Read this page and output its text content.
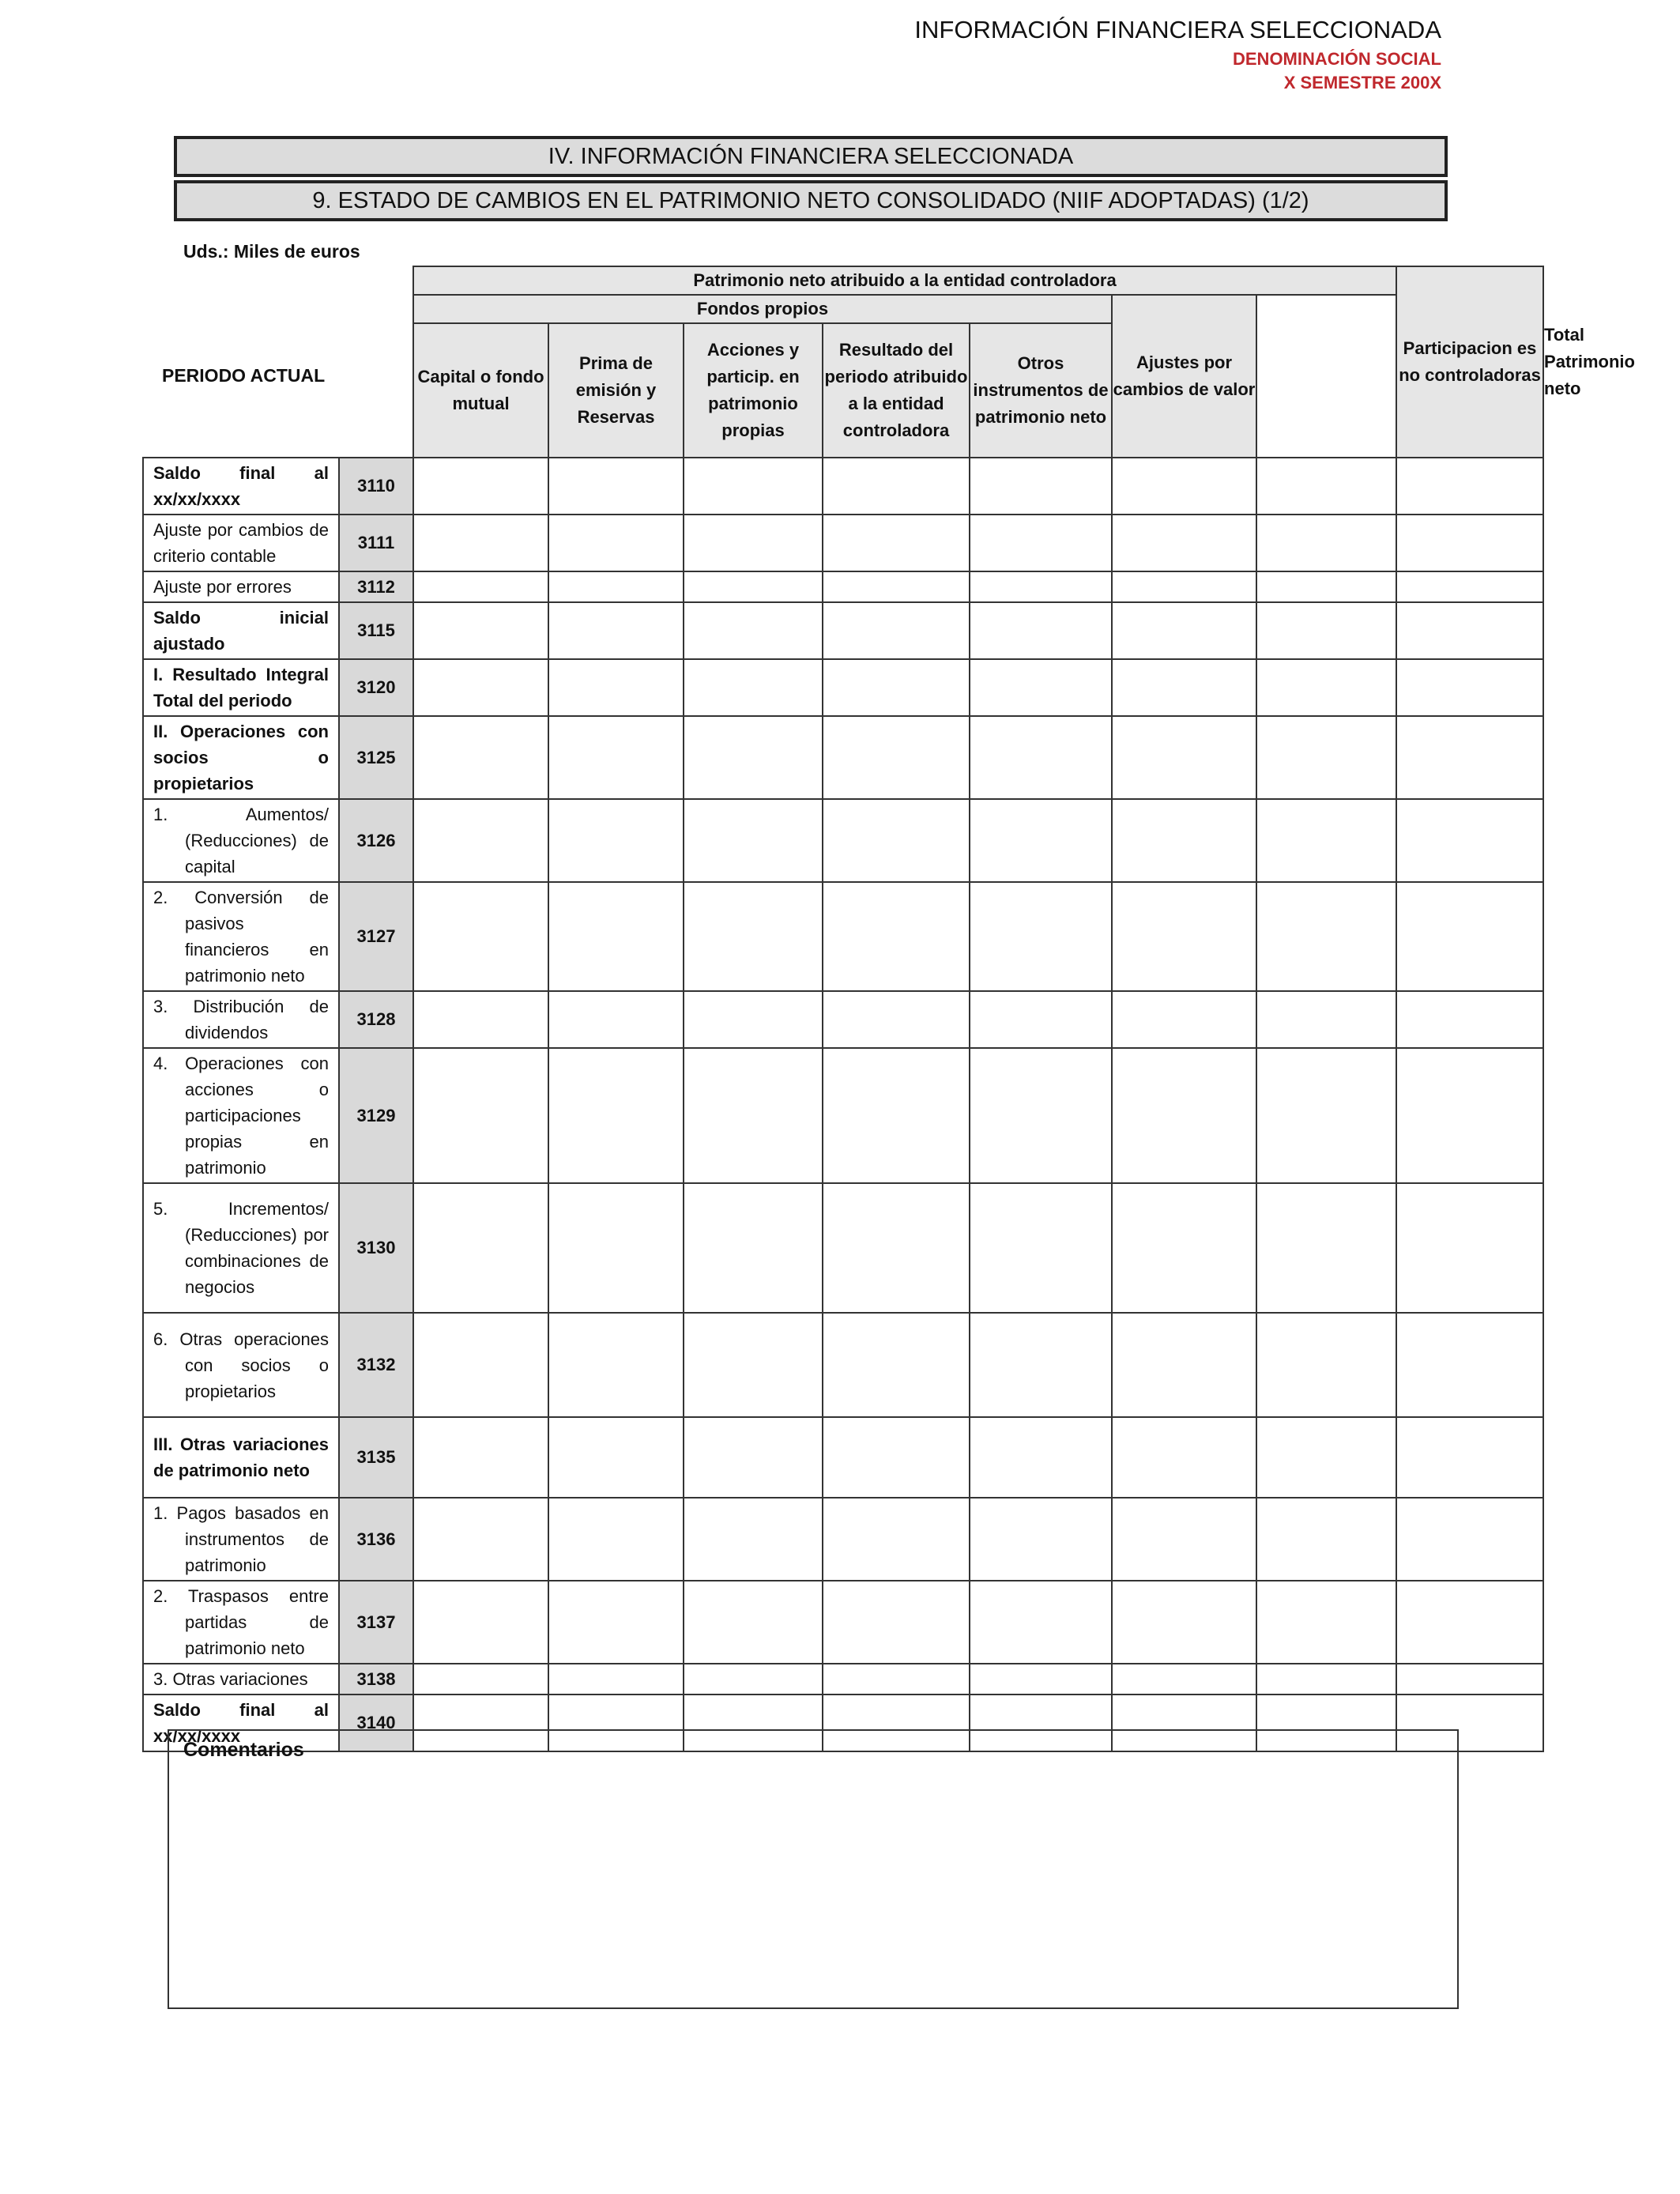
INFORMACIÓN FINANCIERA SELECCIONADA
DENOMINACIÓN SOCIAL
X SEMESTRE 200X
IV. INFORMACIÓN FINANCIERA SELECCIONADA
9. ESTADO DE CAMBIOS EN EL PATRIMONIO NETO CONSOLIDADO (NIIF ADOPTADAS) (1/2)
Uds.: Miles de euros
		Patrimonio neto atribuido a la entidad controladora							Participacion es no controladoras	Total Patrimonio neto
PERIODO ACTUAL		Fondos propios					Ajustes por cambios de valor			
		Capital o fondo mutual	Prima de emisión y Reservas	Acciones y particip. en patrimonio propias	Resultado del periodo atribuido a la entidad controladora	Otros instrumentos de patrimonio neto				
Saldo final al xx/xx/xxxx	3110									
Ajuste por cambios de criterio contable	3111									
Ajuste por errores	3112									
Saldo inicial ajustado	3115									
I. Resultado Integral Total del periodo	3120									
II. Operaciones con socios o propietarios	3125									
1. Aumentos/ (Reducciones) de capital	3126									
2. Conversión de pasivos financieros en patrimonio neto	3127									
3. Distribución de dividendos	3128									
4. Operaciones con acciones o participaciones propias en patrimonio	3129									
5. Incrementos/ (Reducciones) por combinaciones de negocios	3130									
6. Otras operaciones con socios o propietarios	3132									
III. Otras variaciones de patrimonio neto	3135									
1. Pagos basados en instrumentos de patrimonio	3136									
2. Traspasos entre partidas de patrimonio neto	3137									
3. Otras variaciones	3138									
Saldo final al xx/xx/xxxx	3140									
Comentarios
